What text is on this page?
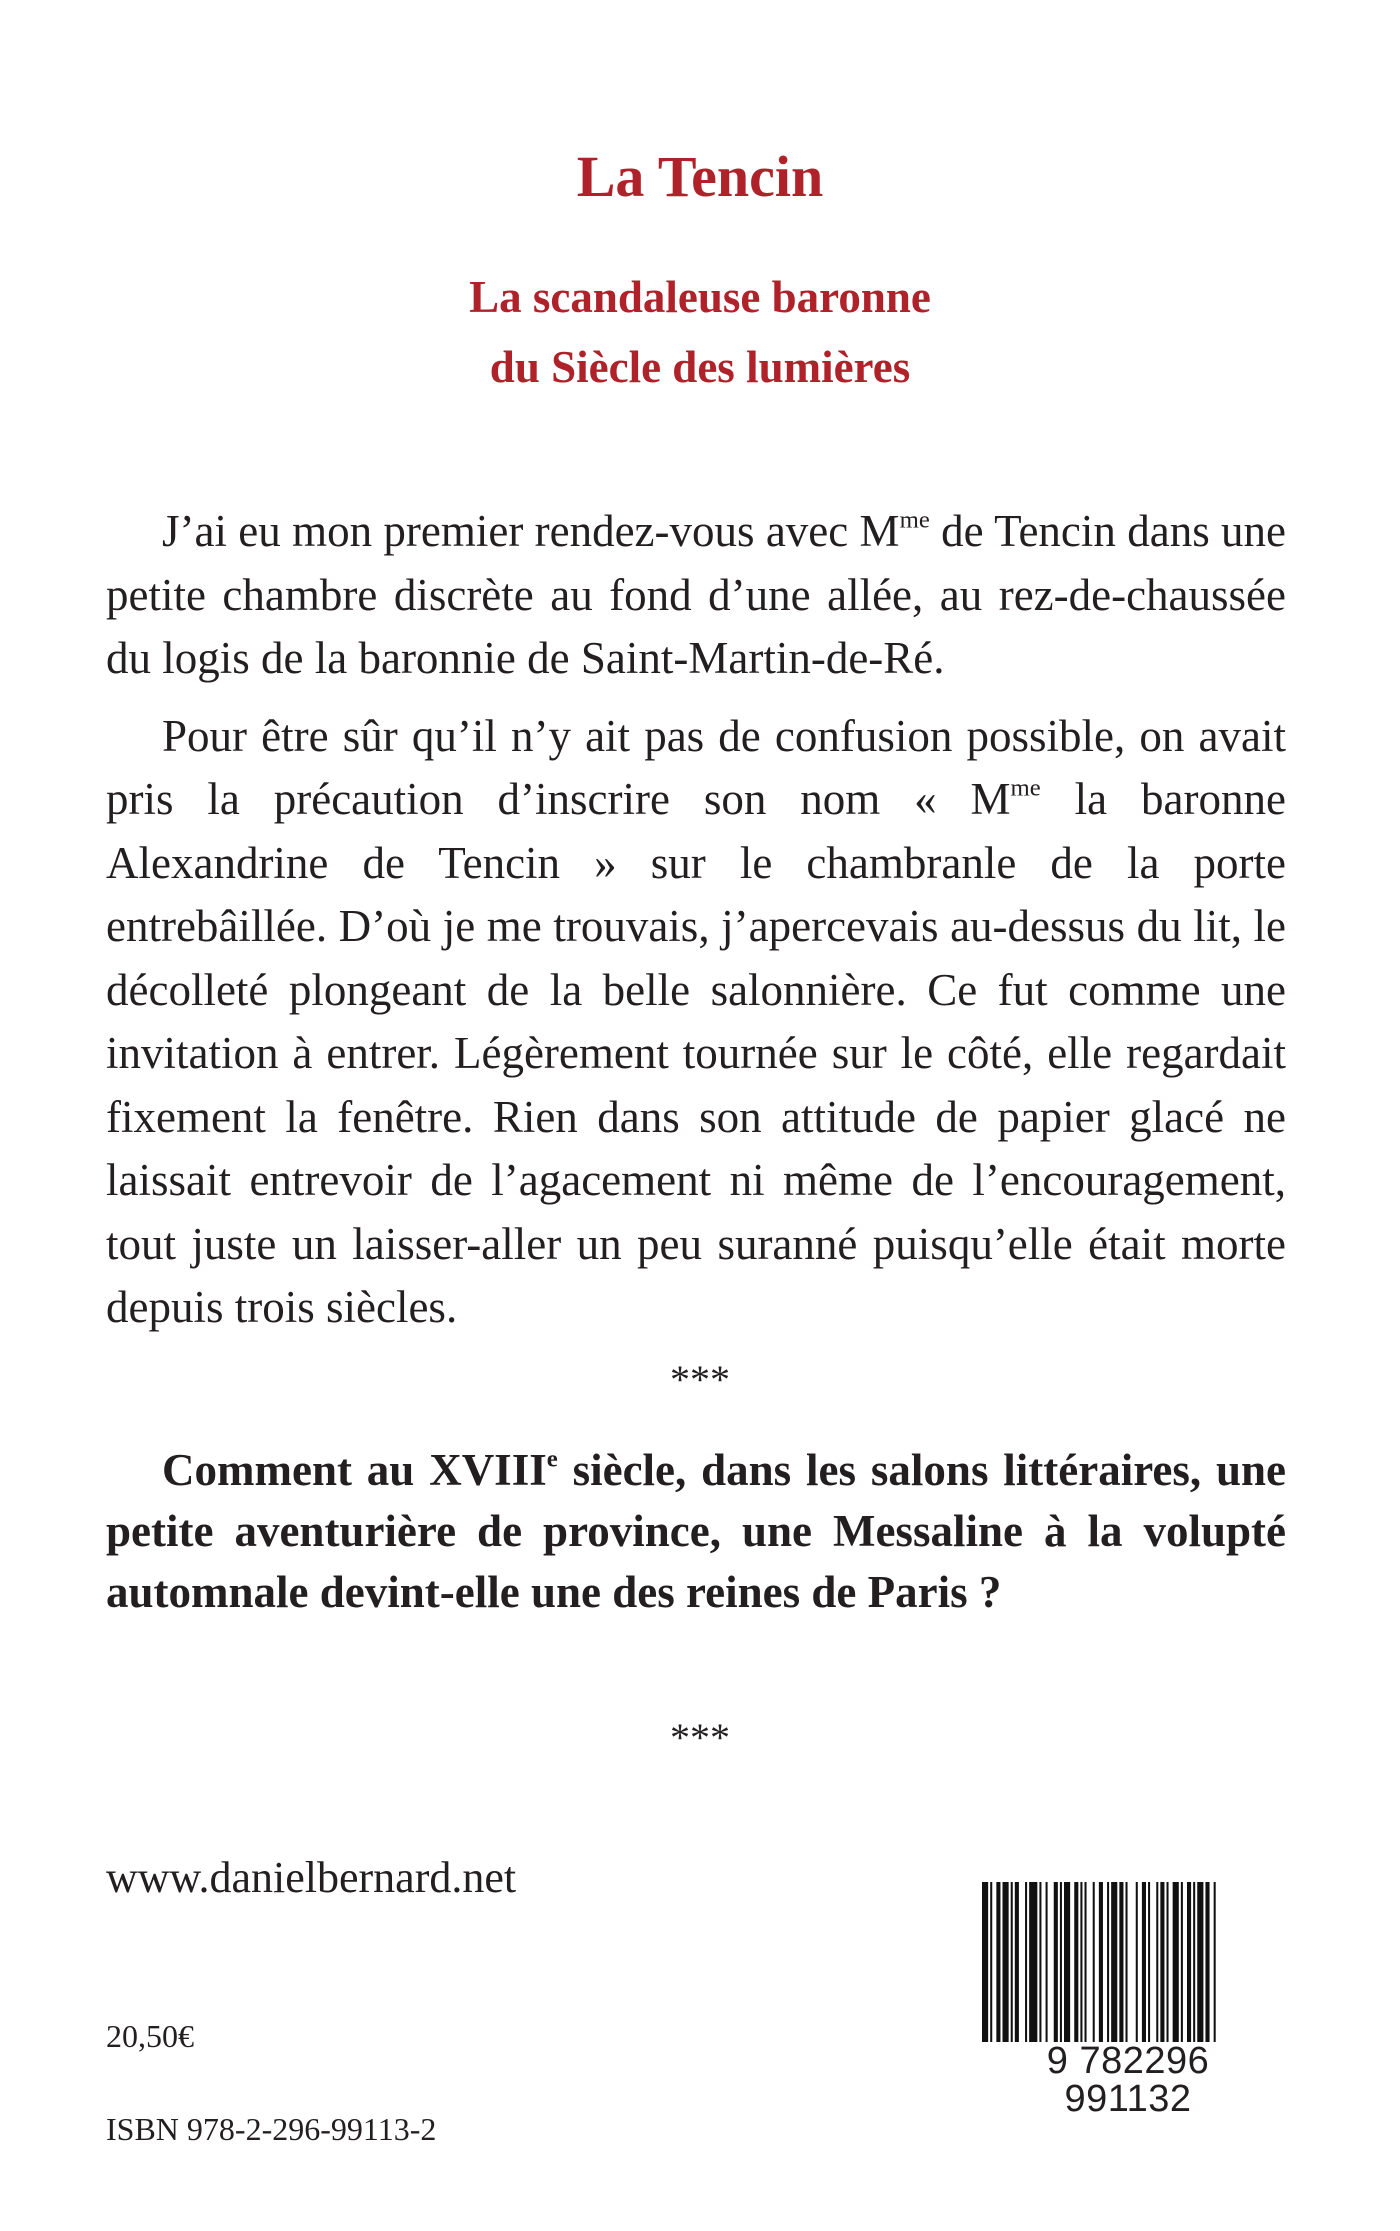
La Tencin
La scandaleuse baronne
du Siècle des lumières

J’ai eu mon premier rendez-vous avec $M^{me}$ de Tencin dans une petite chambre discrète au fond d’une allée, au rez-de-chaussée du logis de la baronnie de Saint-Martin-de-Ré.

Pour être sûr qu’il n’y ait pas de confusion possible, on avait pris la précaution d’inscrire son nom « $M^{me}$ la baronne Alexandrine de Tencin » sur le chambranle de la porte entrebâillée. D’où je me trouvais, j’apercevais au-dessus du lit, le décolleté plongeant de la belle salonnière. Ce fut comme une invitation à entrer. Légèrement tournée sur le côté, elle regardait fixement la fenêtre. Rien dans son attitude de papier glacé ne laissait entrevoir de l’agacement ni même de l’encouragement, tout juste un laisser-aller un peu suranné puisqu’elle était morte depuis trois siècles.

***

Comment au XVIIIe siècle, dans les salons littéraires, une petite aventurière de province, une Messaline à la volupté automnale devint-elle une des reines de Paris ?

***
www.danielbernard.net
20,50€
ISBN 978-2-296-99113-2
9 782296 991132
